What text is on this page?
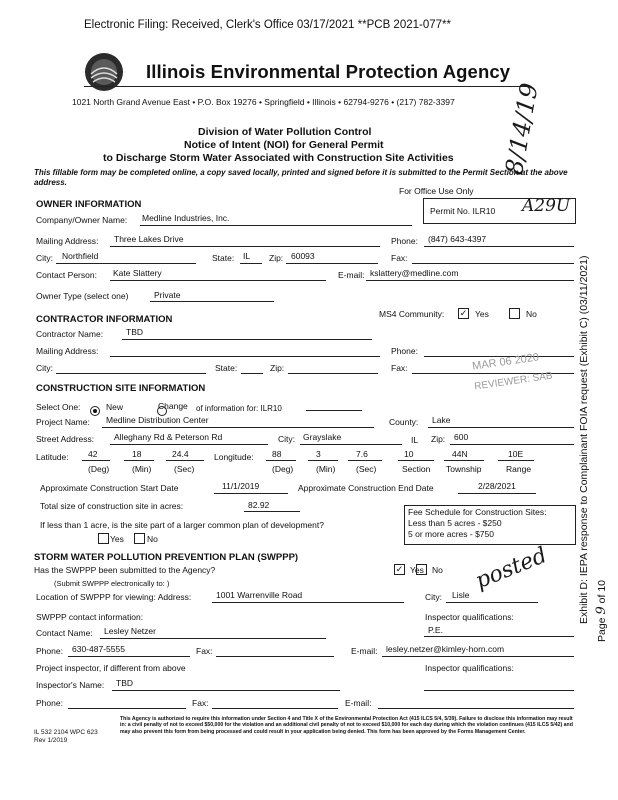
Electronic Filing: Received, Clerk's Office 03/17/2021 **PCB 2021-077**
Illinois Environmental Protection Agency
1021 North Grand Avenue East • P.O. Box 19276 • Springfield • Illinois • 62794-9276 • (217) 782-3397
Division of Water Pollution Control
Notice of Intent (NOI) for General Permit
to Discharge Storm Water Associated with Construction Site Activities 8/14/19
This fillable form may be completed online, a copy saved locally, printed and signed before it is submitted to the Permit Section at the above address.
For Office Use Only
Permit No. ILR10 A29U
OWNER INFORMATION
Company/Owner Name: Medline Industries, Inc.
Mailing Address: Three Lakes Drive	Phone: (847) 643-4397
City: Northfield	State: IL Zip: 60093	Fax:
Contact Person: Kate Slattery	E-mail: kslattery@medline.com
Owner Type (select one)	Private
MS4 Community: ✓ Yes	No
CONTRACTOR INFORMATION
Contractor Name:	TBD
Mailing Address:	Phone:
City:	State:	Zip:	Fax:	MAR 06 2020
REVIEWER: SAB
CONSTRUCTION SITE INFORMATION
Select One:
	New	Change of information for: ILR10
Project Name: Medline Distribution Center	County: Lake
Street Address: Alleghany Rd & Peterson Rd	City: Grayslake	IL Zip: 600
Latitude: 42	18	24.4	Longitude: 88	3	7.6	10	44N	10E
(Deg)	(Min)	(Sec)	(Deg)	(Min) (Sec)	Section Township	Range
Approximate Construction Start Date	11/1/2019	Approximate Construction End Date	2/28/2021
Total size of construction site in acres:	82.92
If less than 1 acre, is the site part of a larger common plan of development?
Yes	No
Fee Schedule for Construction Sites:
Less than 5 acres - $250
5 or more acres - $750
STORM WATER POLLUTION PREVENTION PLAN (SWPPP)
Has the SWPPP been submitted to the Agency?	✓ Yes No posted
(Submit SWPPP electronically to: )
Location of SWPPP for viewing: Address:	1001 Warrenville Road	City: Lisle
SWPPP contact information:	Inspector qualifications:
P.E.
Contact Name: Lesley Netzer
Phone: 630-487-5555	Fax:	E-mail: lesley.netzer@kimley-horn.com
Project inspector, if different from above	Inspector qualifications:
Inspector's Name: TBD
Phone:	Fax:	E-mail:
This Agency is authorized to require this information under Section 4 and Title X of the Environmental Protection Act (415 ILCS 5/4, 5/39). Failure to disclose this information may result in: a civil penalty of not to exceed $50,000 for the violation and an additional civil penalty of not to exceed $10,000 for each day during which the violation continues (415 ILCS 5/42) and may also prevent this form from being processed and could result in your application being denied. This form has been approved by the Forms Management Center.
IL 532 2104 WPC 623
Rev 1/2019
Exhibit D: IEPA response to Complainant FOIA request (Exhibit C) (03/11/2021)
Page 9 of 10
